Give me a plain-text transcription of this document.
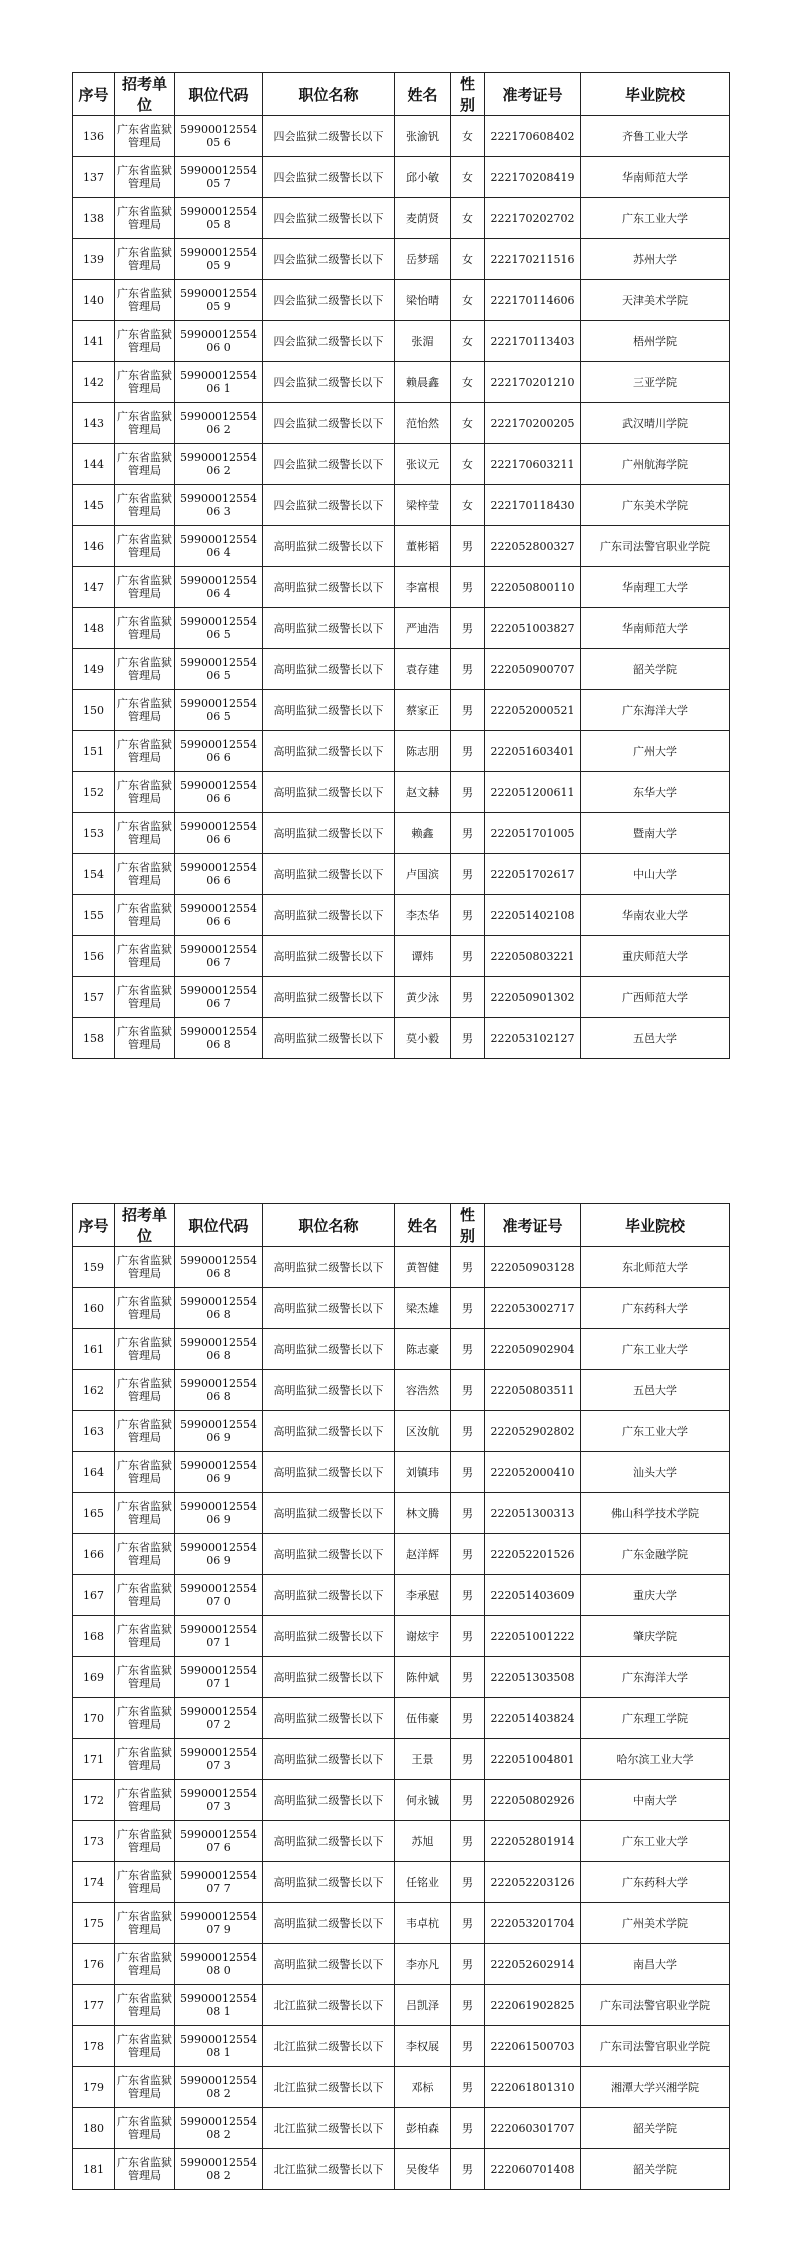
序号	招考单位	职位代码	职位名称	姓名	性别	准考证号	毕业院校
136	广东省监狱管理局	5990001255405 6	四会监狱二级警长以下	张渝钒	女	222170608402	齐鲁工业大学
137	广东省监狱管理局	5990001255405 7	四会监狱二级警长以下	邱小敏	女	222170208419	华南师范大学
138	广东省监狱管理局	5990001255405 8	四会监狱二级警长以下	麦荫贤	女	222170202702	广东工业大学
139	广东省监狱管理局	5990001255405 9	四会监狱二级警长以下	岳梦瑶	女	222170211516	苏州大学
140	广东省监狱管理局	5990001255405 9	四会监狱二级警长以下	梁怡晴	女	222170114606	天津美术学院
141	广东省监狱管理局	5990001255406 0	四会监狱二级警长以下	张湄	女	222170113403	梧州学院
142	广东省监狱管理局	5990001255406 1	四会监狱二级警长以下	赖晨鑫	女	222170201210	三亚学院
143	广东省监狱管理局	5990001255406 2	四会监狱二级警长以下	范怡然	女	222170200205	武汉晴川学院
144	广东省监狱管理局	5990001255406 2	四会监狱二级警长以下	张议元	女	222170603211	广州航海学院
145	广东省监狱管理局	5990001255406 3	四会监狱二级警长以下	梁梓莹	女	222170118430	广东美术学院
146	广东省监狱管理局	5990001255406 4	高明监狱二级警长以下	董彬韬	男	222052800327	广东司法警官职业学院
147	广东省监狱管理局	5990001255406 4	高明监狱二级警长以下	李富根	男	222050800110	华南理工大学
148	广东省监狱管理局	5990001255406 5	高明监狱二级警长以下	严迪浩	男	222051003827	华南师范大学
149	广东省监狱管理局	5990001255406 5	高明监狱二级警长以下	袁存建	男	222050900707	韶关学院
150	广东省监狱管理局	5990001255406 5	高明监狱二级警长以下	蔡家正	男	222052000521	广东海洋大学
151	广东省监狱管理局	5990001255406 6	高明监狱二级警长以下	陈志朋	男	222051603401	广州大学
152	广东省监狱管理局	5990001255406 6	高明监狱二级警长以下	赵文赫	男	222051200611	东华大学
153	广东省监狱管理局	5990001255406 6	高明监狱二级警长以下	赖鑫	男	222051701005	暨南大学
154	广东省监狱管理局	5990001255406 6	高明监狱二级警长以下	卢国滨	男	222051702617	中山大学
155	广东省监狱管理局	5990001255406 6	高明监狱二级警长以下	李杰华	男	222051402108	华南农业大学
156	广东省监狱管理局	5990001255406 7	高明监狱二级警长以下	谭炜	男	222050803221	重庆师范大学
157	广东省监狱管理局	5990001255406 7	高明监狱二级警长以下	黄少泳	男	222050901302	广西师范大学
158	广东省监狱管理局	5990001255406 8	高明监狱二级警长以下	莫小毅	男	222053102127	五邑大学
序号	招考单位	职位代码	职位名称	姓名	性别	准考证号	毕业院校
159	广东省监狱管理局	5990001255406 8	高明监狱二级警长以下	黄智健	男	222050903128	东北师范大学
160	广东省监狱管理局	5990001255406 8	高明监狱二级警长以下	梁杰雄	男	222053002717	广东药科大学
161	广东省监狱管理局	5990001255406 8	高明监狱二级警长以下	陈志豪	男	222050902904	广东工业大学
162	广东省监狱管理局	5990001255406 8	高明监狱二级警长以下	容浩然	男	222050803511	五邑大学
163	广东省监狱管理局	5990001255406 9	高明监狱二级警长以下	区汝航	男	222052902802	广东工业大学
164	广东省监狱管理局	5990001255406 9	高明监狱二级警长以下	刘镇玮	男	222052000410	汕头大学
165	广东省监狱管理局	5990001255406 9	高明监狱二级警长以下	林文腾	男	222051300313	佛山科学技术学院
166	广东省监狱管理局	5990001255406 9	高明监狱二级警长以下	赵洋辉	男	222052201526	广东金融学院
167	广东省监狱管理局	5990001255407 0	高明监狱二级警长以下	李承慰	男	222051403609	重庆大学
168	广东省监狱管理局	5990001255407 1	高明监狱二级警长以下	谢炫宇	男	222051001222	肇庆学院
169	广东省监狱管理局	5990001255407 1	高明监狱二级警长以下	陈仲斌	男	222051303508	广东海洋大学
170	广东省监狱管理局	5990001255407 2	高明监狱二级警长以下	伍伟豪	男	222051403824	广东理工学院
171	广东省监狱管理局	5990001255407 3	高明监狱二级警长以下	王景	男	222051004801	哈尔滨工业大学
172	广东省监狱管理局	5990001255407 3	高明监狱二级警长以下	何永铖	男	222050802926	中南大学
173	广东省监狱管理局	5990001255407 6	高明监狱二级警长以下	苏旭	男	222052801914	广东工业大学
174	广东省监狱管理局	5990001255407 7	高明监狱二级警长以下	任铭业	男	222052203126	广东药科大学
175	广东省监狱管理局	5990001255407 9	高明监狱二级警长以下	韦卓杭	男	222053201704	广州美术学院
176	广东省监狱管理局	5990001255408 0	高明监狱二级警长以下	李亦凡	男	222052602914	南昌大学
177	广东省监狱管理局	5990001255408 1	北江监狱二级警长以下	吕凯泽	男	222061902825	广东司法警官职业学院
178	广东省监狱管理局	5990001255408 1	北江监狱二级警长以下	李权展	男	222061500703	广东司法警官职业学院
179	广东省监狱管理局	5990001255408 2	北江监狱二级警长以下	邓标	男	222061801310	湘潭大学兴湘学院
180	广东省监狱管理局	5990001255408 2	北江监狱二级警长以下	彭柏森	男	222060301707	韶关学院
181	广东省监狱管理局	5990001255408 2	北江监狱二级警长以下	吴俊华	男	222060701408	韶关学院
